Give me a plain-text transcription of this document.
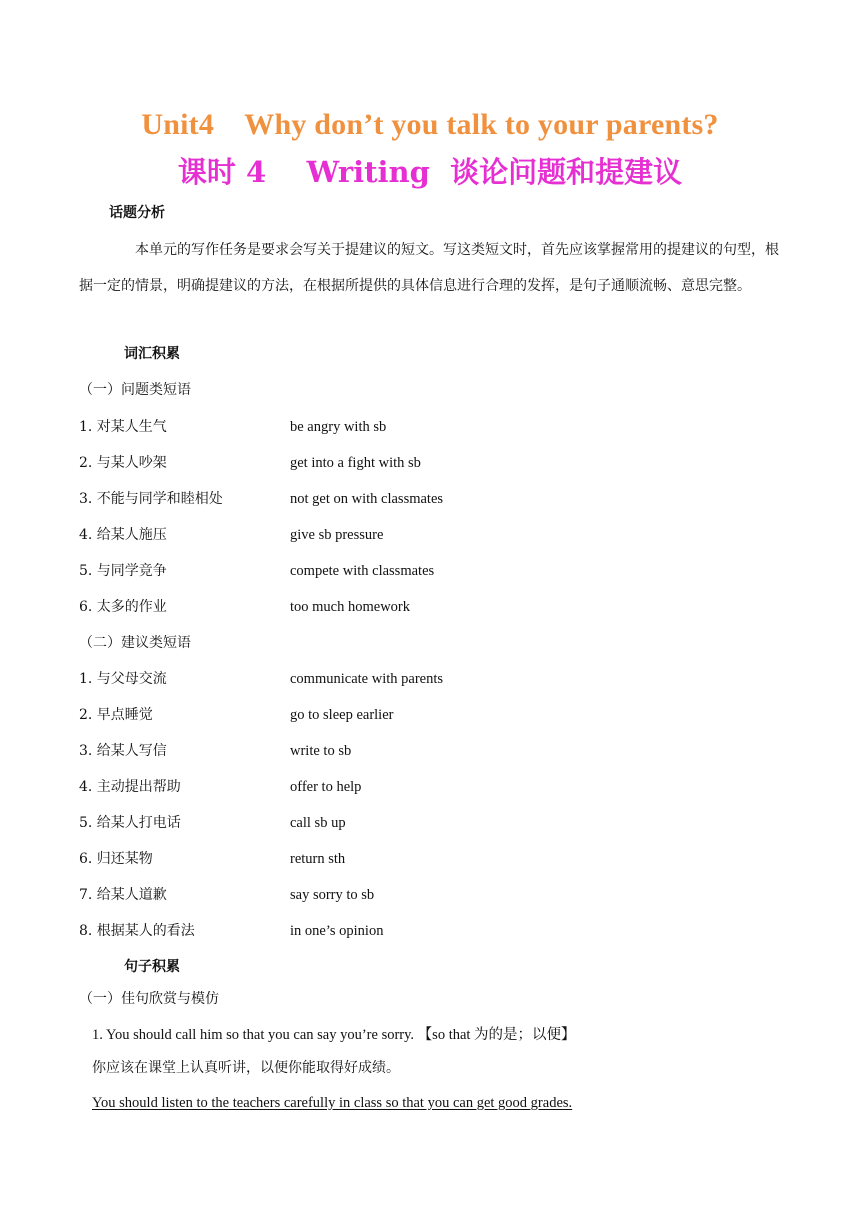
Unit4    Why don’t you talk to your parents?
课时 4    Writing  谈论问题和提建议
话题分析
本单元的写作任务是要求会写关于提建议的短文。写这类短文时，首先应该掌握常用的提建议的句型，根据一定的情景，明确提建议的方法，在根据所提供的具体信息进行合理的发挥，是句子通顺流畅、意思完整。
词汇积累
（一）问题类短语
1. 对某人生气	be angry with sb
2. 与某人吵架	get into a fight with sb
3. 不能与同学和睦相处	not get on with classmates
4. 给某人施压	give sb pressure
5. 与同学竞争	compete with classmates
6. 太多的作业	too much homework
（二）建议类短语
1. 与父母交流	communicate with parents
2. 早点睡觉	go to sleep earlier
3. 给某人写信	write to sb
4. 主动提出帮助	offer to help
5. 给某人打电话	call sb up
6. 归还某物	return sth
7. 给某人道歉	say sorry to sb
8. 根据某人的看法	in one’s opinion
句子积累
（一）佳句欣赏与模仿
1. You should call him so that you can say you’re sorry. 【so that 为的是；以便】
你应该在课堂上认真听讲，以便你能取得好成绩。
You should listen to the teachers carefully in class so that you can get good grades.
